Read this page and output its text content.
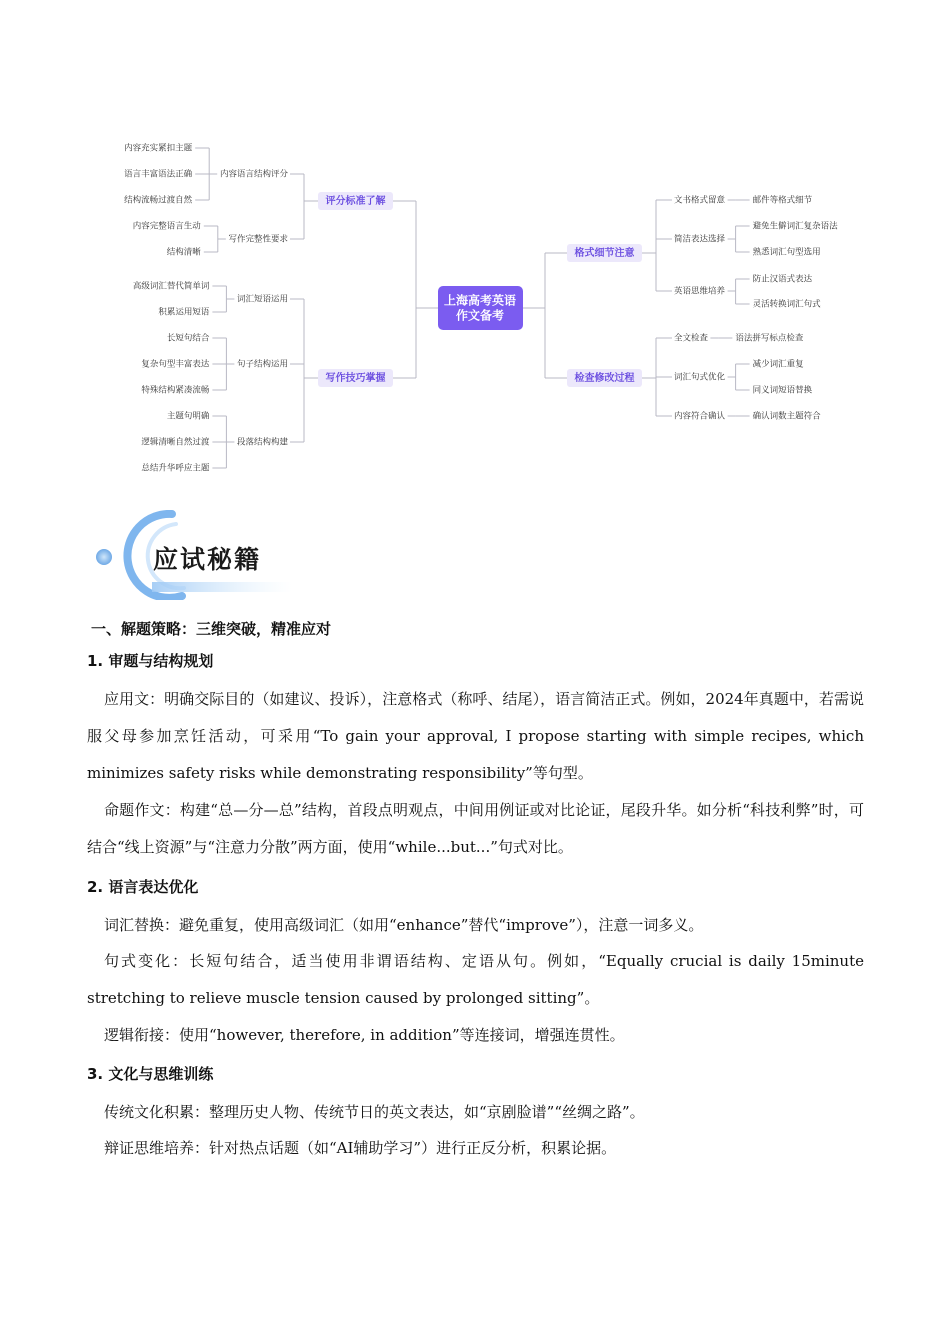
上海高考英语
作文备考
评分标准了解
内容语言结构评分
内容充实紧扣主题
语言丰富语法正确
结构流畅过渡自然
写作完整性要求
内容完整语言生动
结构清晰
写作技巧掌握
词汇短语运用
高级词汇替代简单词
积累运用短语
句子结构运用
长短句结合
复杂句型丰富表达
特殊结构紧凑流畅
段落结构构建
主题句明确
逻辑清晰自然过渡
总结升华呼应主题
格式细节注意
文书格式留意	邮件等格式细节
简洁表达选择
避免生僻词汇复杂语法
熟悉词汇句型选用
英语思维培养
防止汉语式表达
灵活转换词汇句式
检查修改过程
全文检查	语法拼写标点检查
词汇句式优化
减少词汇重复
同义词短语替换
内容符合确认	确认词数主题符合
应试秘籍
一、解题策略：三维突破，精准应对
1. 审题与结构规划

应用文：明确交际目的（如建议、投诉），注意格式（称呼、结尾），语言简洁正式。例如，2024年真题中，若需说服父母参加烹饪活动，可采用“To gain your approval, I propose starting with simple recipes, which minimizes safety risks while demonstrating responsibility”等句型。

命题作文：构建“总—分—总”结构，首段点明观点，中间用例证或对比论证，尾段升华。如分析“科技利弊”时，可结合“线上资源”与“注意力分散”两方面，使用“while...but...”句式对比。

2. 语言表达优化

词汇替换：避免重复，使用高级词汇（如用“enhance”替代“improve”），注意一词多义。

句式变化：长短句结合，适当使用非谓语结构、定语从句。例如，“Equally crucial is daily 15minute stretching to relieve muscle tension caused by prolonged sitting”。

逻辑衔接：使用“however, therefore, in addition”等连接词，增强连贯性。

3. 文化与思维训练

传统文化积累：整理历史人物、传统节日的英文表达，如“京剧脸谱”“丝绸之路”。

辩证思维培养：针对热点话题（如“AI辅助学习”）进行正反分析，积累论据。
